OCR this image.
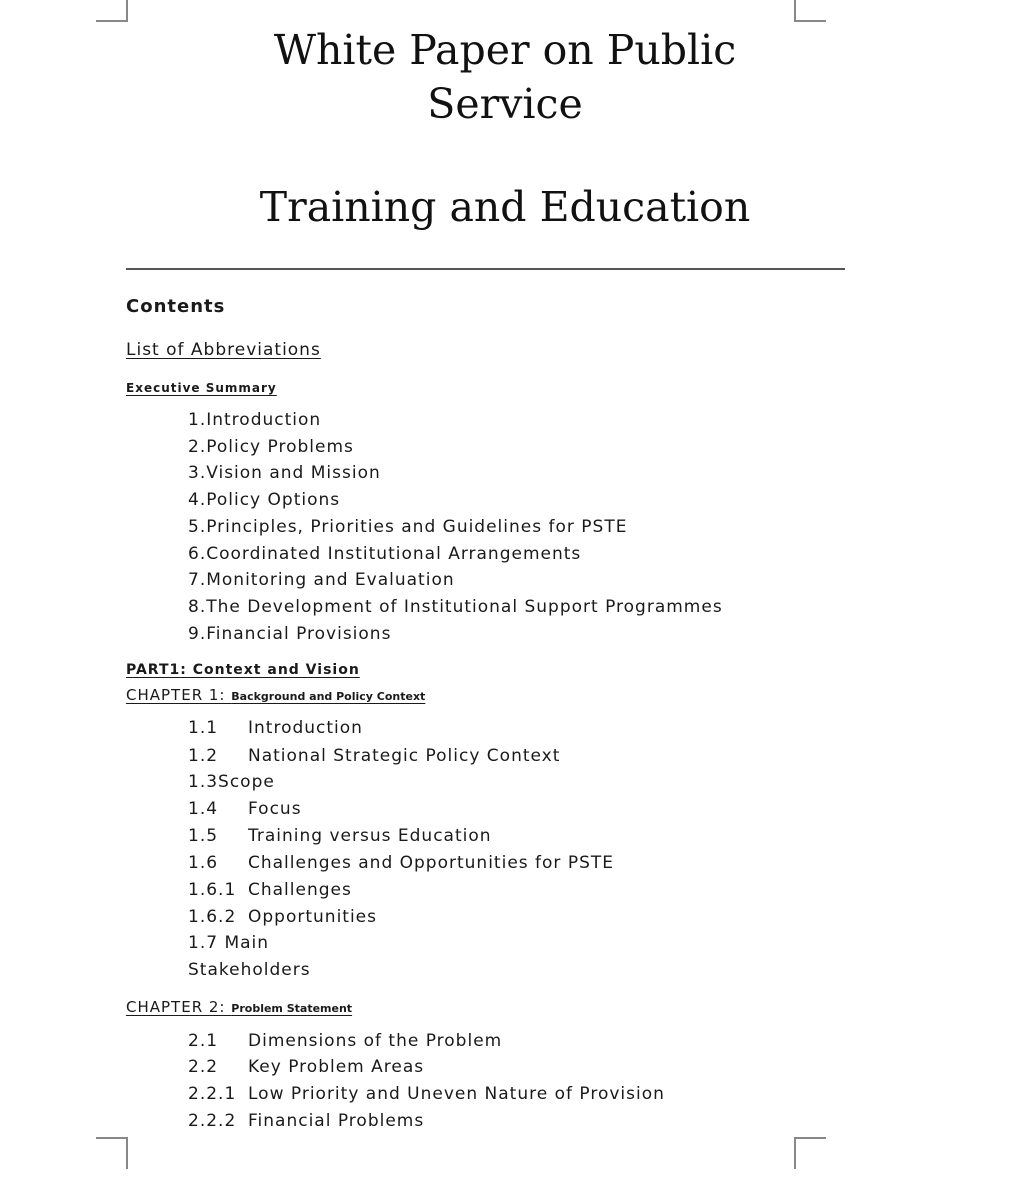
White Paper on Public
Service
Training and Education
Contents
List of Abbreviations
Executive Summary
1.Introduction
2.Policy Problems
3.Vision and Mission
4.Policy Options
5.Principles, Priorities and Guidelines for PSTE
6.Coordinated Institutional Arrangements
7.Monitoring and Evaluation
8.The Development of Institutional Support Programmes
9.Financial Provisions
PART1: Context and Vision
CHAPTER 1: Background and Policy Context
1.1 Introduction
1.2 National Strategic Policy Context
1.3Scope
1.4 Focus
1.5 Training versus Education
1.6 Challenges and Opportunities for PSTE
1.6.1 Challenges
1.6.2 Opportunities
1.7 Main
Stakeholders
CHAPTER 2: Problem Statement
2.1 Dimensions of the Problem
2.2 Key Problem Areas
2.2.1 Low Priority and Uneven Nature of Provision
2.2.2 Financial Problems
